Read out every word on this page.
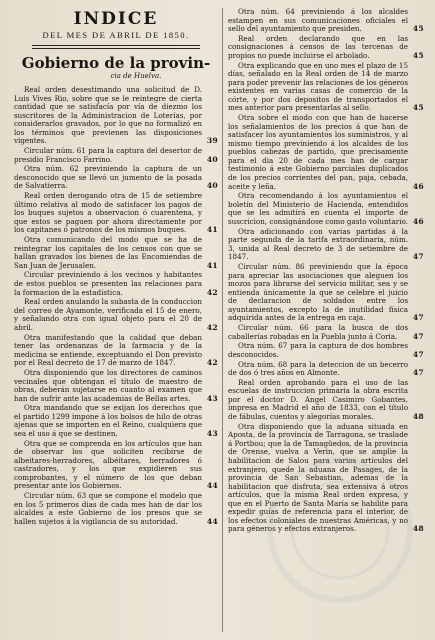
INDICE
DEL MES DE ABRIL DE 1850.
Gobierno de la provin-
cia de Huelva.
Real orden desestimando una solicitud de D. Luis Vives Rio, sobre que se le reintegre de cierta cantidad que se satisfacía por vía de diezmo los suscritores de la Administracion de Loterías, por considerarlos gravados, por lo que no formalizó en los términos que previenen las disposiciones vigentes.	39
Circular núm. 61 para la captura del desertor de presidio Francisco Farrino.	40
Otra núm. 62 previniendo la captura de un desconocido que se llevó un jumento de la posada de Salvatierra.	40
Real orden derogando otra de 15 de setiembre último relativa al modo de satisfacer los pagos de los buques sujetos a observacion ó cuarentena, y que estos se paguen por ahora directamente por los capitanes ó patronos de los mismos buques.	41
Otra comunicando del modo que se ha de reintegrar los capitales de los censos con que se hallan gravados los bienes de las Encomiendas de San Juan de Jerusalen.	41
Circular previniendo á los vecinos y habitantes de estos pueblos se presenten las relaciones para la formacion de la estadística.	42
Real orden anulando la subasta de la conduccion del correo de Ayamonte, verificada el 15 de enero, y señalando otra con igual objeto para el 20 de abril.	42
Otra manifestando que la calidad que deban tener las ordenanzas de la farmacia y de la medicina se entiende, exceptuando el Don previsto por el Real decreto de 17 de marzo de 1847.	42
Otra disponiendo que los directores de caminos vecinales que obtengan el título de maestro de obras, deberán sujetarse en cuanto al examen que han de sufrir ante las academias de Bellas artes. 43
Otra mandando que se exijan los derechos que el partido 1299 impone á los bolsos de hilo de otras ajenas que se importen en el Reino, cualquiera que sea el uso á que se destinen.	43
Otra que se comprenda en los artículos que han de observar los que soliciten recibirse de albeitares-herradores, albéitares, herradores ó castradores, y los que expidieren sus comprobantes, y el número de los que deban presentar ante los Gobiernos.	44
Circular núm. 63 que se compone el modelo que en los 5 primeros dias de cada mes han de dar los alcaldes a este Gobierno de los presos que se hallen sujetos á la vigilancia de su autoridad.	44
Otra núm. 64 previniendo á los alcaldes estampen en sus comunicaciones oficiales el sello del ayuntamiento que presiden.	45
Real orden declarando que en las consignaciones á censos de las tercenas de propios no puede incluirse el arbolado.	45
Otra explicando que en uno mes el plazo de 15 días, señalado en la Real orden de 14 de marzo para poder prevenir las relaciones de los géneros existentes en varias casas de comercio de la córte, y por dos depositos de transportados el mes anterior para presentarlas al sello.	45
Otra sobre el modo con que han de hacerse los señalamientos de los precios á que han de satisfacer los ayuntamientos los suministros, y al mismo tiempo previniendo á los alcaldes de los pueblos cabezas de partido, que precisamente para el dia 20 de cada mes han de cargar testimonio á este Gobierno parciales duplicados de los precios corrientes del pan, paja, cebada, aceite y leña.	46
Otra recomendando á los ayuntamientos el boletín del Ministerio de Hacienda, entendidos que se les admitirá en cuenta el importe de suscricion, consignándose como gasto voluntario. 46
Otra adicionando con varias partidas á la parte segunda de la tarifa extraordinaria, núm. 3, unida al Real decreto de 3 de setiembre de 1847.	47
Circular núm. 86 previniendo que la época para apreciar las asociaciones que aleguen los mozos para librarse del servicio militar, sea y se entienda únicamente la que se celebre el juicio de declaracion de soldados entre los ayuntamientos, excepto la de inutilidad física adquirida antes de la entrega en caja.	47
Circular núm. 66 para la busca de dos caballerías robadas en la Puebla junto á Coria. 47
Otra núm. 67 para la captura de dos hombres desconocidos.	47
Otra núm. 68 para la deteccion de un becerro de dos ó tres años en Almonte.	47
Real orden aprobando para el uso de las escuelas de instruccion primaria la obra escrita por el doctor D. Angel Casimiro Gobantes, impresa en Madrid el año de 1833, con el título de fábulas, cuentos y alegorías morales.	48
Otra disponiendo que la aduana situada en Aposta, de la provincia de Tarragona, se traslade á Portbou; que la de Tamagüedos, de la provincia de Orense, vuelva a Verin, que se amplie la habilitacion de Salou para varios artículos del extranjero, quede la aduana de Pasages, de la provincia de San Sebastian, ademas de la habilitacion que disfruta, sea extensiva á otros artículos, que la misma Real orden expresa, y que en el Puerto de Santa María se habilite para expedir guías de referencia para el interior, de los efectos coloniales de nuestras Américas, y no para géneros y efectos extranjeros.	48
